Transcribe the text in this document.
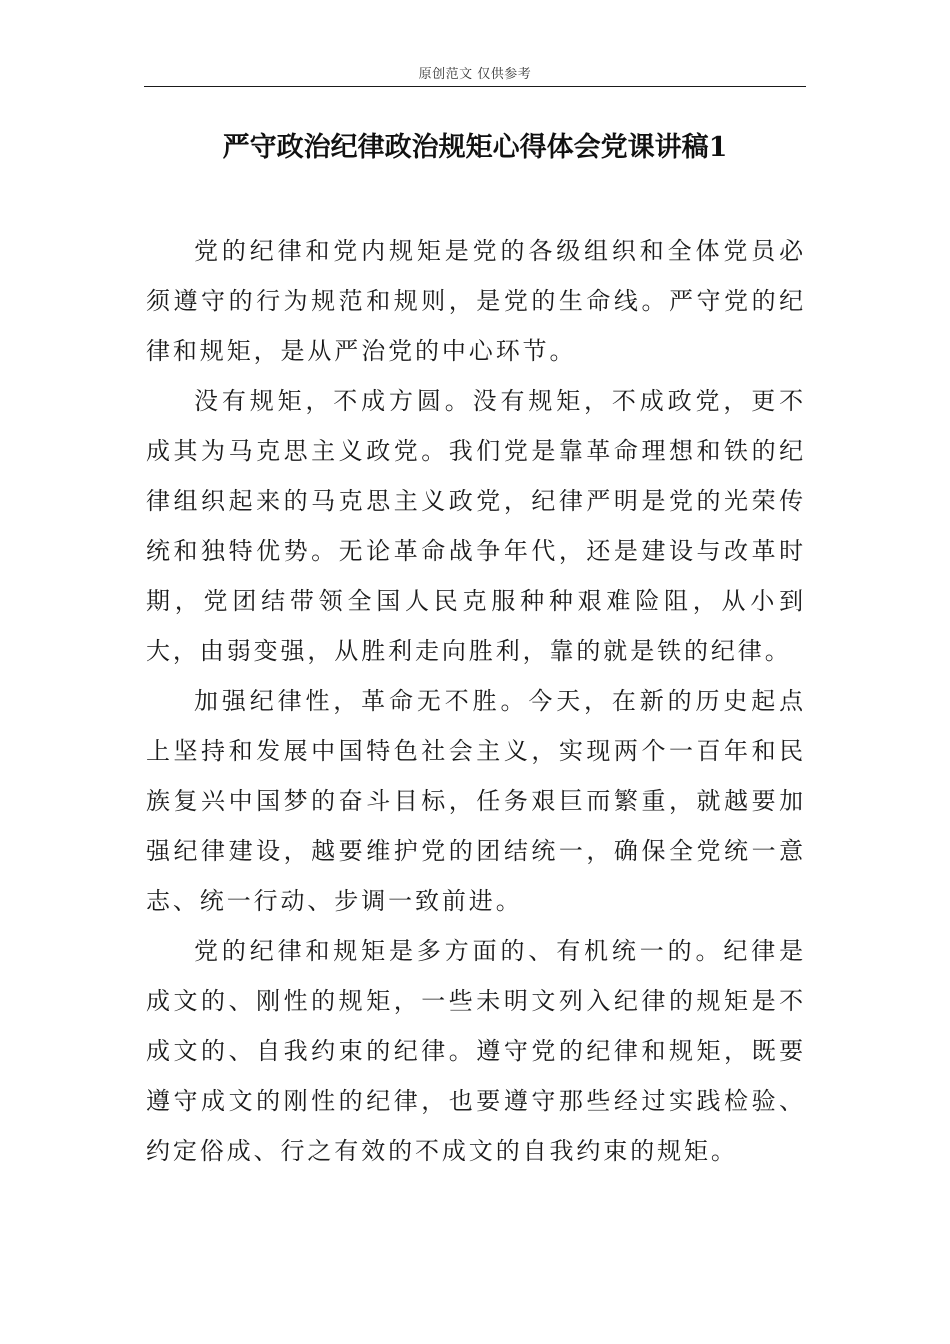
原创范文 仅供参考
严守政治纪律政治规矩心得体会党课讲稿1

党的纪律和党内规矩是党的各级组织和全体党员必须遵守的行为规范和规则，是党的生命线。严守党的纪律和规矩，是从严治党的中心环节。

没有规矩，不成方圆。没有规矩，不成政党，更不成其为马克思主义政党。我们党是靠革命理想和铁的纪律组织起来的马克思主义政党，纪律严明是党的光荣传统和独特优势。无论革命战争年代，还是建设与改革时期，党团结带领全国人民克服种种艰难险阻，从小到大，由弱变强，从胜利走向胜利，靠的就是铁的纪律。

加强纪律性，革命无不胜。今天，在新的历史起点上坚持和发展中国特色社会主义，实现两个一百年和民族复兴中国梦的奋斗目标，任务艰巨而繁重，就越要加强纪律建设，越要维护党的团结统一，确保全党统一意志、统一行动、步调一致前进。

党的纪律和规矩是多方面的、有机统一的。纪律是成文的、刚性的规矩，一些未明文列入纪律的规矩是不成文的、自我约束的纪律。遵守党的纪律和规矩，既要遵守成文的刚性的纪律，也要遵守那些经过实践检验、约定俗成、行之有效的不成文的自我约束的规矩。
